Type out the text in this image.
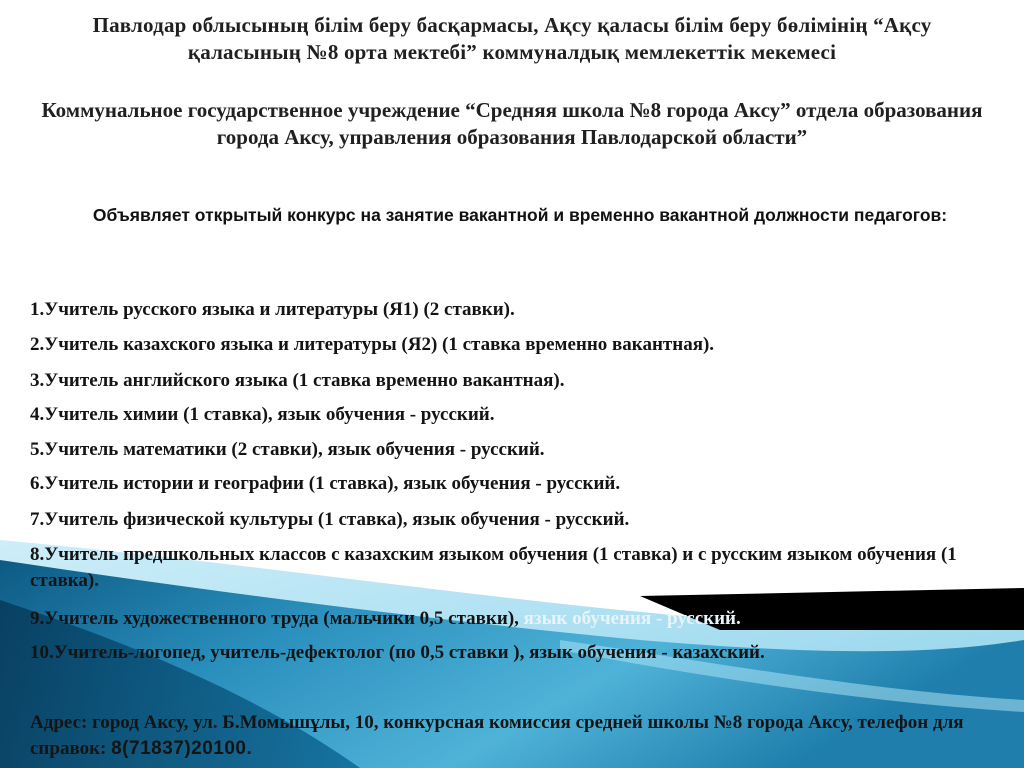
Павлодар облысының білім беру басқармасы, Ақсу қаласы білім беру бөлімінің “Ақсу қаласының №8 орта мектебі” коммуналдық мемлекеттік мекемесі
Коммунальное государственное учреждение “Средняя школа №8 города Аксу” отдела образования города Аксу, управления образования Павлодарской области”
Объявляет открытый конкурс на занятие вакантной и временно вакантной должности педагогов:
1.Учитель русского языка и литературы (Я1) (2 ставки).
2.Учитель казахского языка и литературы (Я2) (1 ставка временно вакантная).
3.Учитель английского языка (1 ставка временно вакантная).
4.Учитель химии (1 ставка), язык обучения - русский.
5.Учитель математики (2 ставки), язык обучения - русский.
6.Учитель истории и географии (1 ставка), язык обучения - русский.
7.Учитель физической культуры (1 ставка), язык обучения - русский.
8.Учитель предшкольных классов с казахским языком обучения (1 ставка) и с русским языком обучения (1 ставка).
9.Учитель художественного труда (мальчики 0,5 ставки), язык обучения - русский.
10.Учитель-логопед, учитель-дефектолог (по 0,5 ставки ), язык обучения - казахский.
Адрес: город Аксу, ул. Б.Момышұлы, 10, конкурсная комиссия средней школы №8 города Аксу, телефон для справок: 8(71837)20100.
